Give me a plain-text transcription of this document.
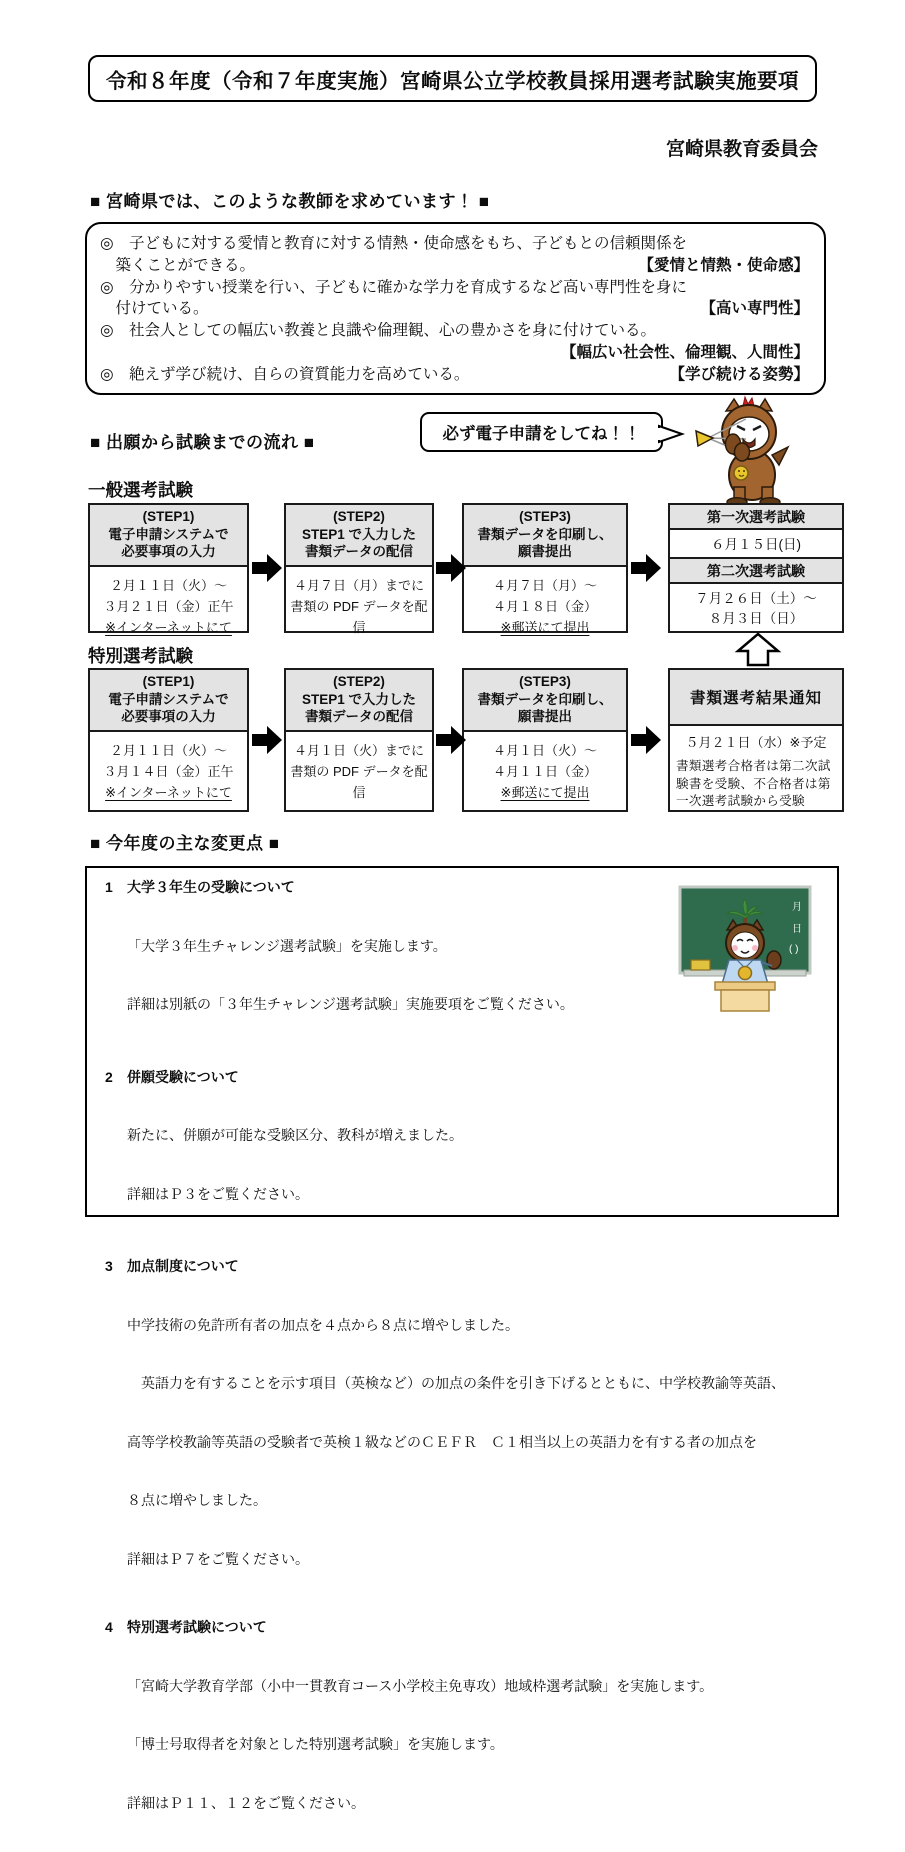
令和８年度（令和７年度実施）宮崎県公立学校教員採用選考試験実施要項
宮崎県教育委員会
■ 宮崎県では、このような教師を求めています！ ■
◎　子どもに対する愛情と教育に対する情熱・使命感をもち、子どもとの信頼関係を
　築くことができる。	【愛情と情熱・使命感】
◎　分かりやすい授業を行い、子どもに確かな学力を育成するなど高い専門性を身に
　付けている。	【高い専門性】
◎　社会人としての幅広い教養と良識や倫理観、心の豊かさを身に付けている。
【幅広い社会性、倫理観、人間性】
◎　絶えず学び続け、自らの資質能力を高めている。	【学び続ける姿勢】
■ 出願から試験までの流れ ■	必ず電子申請をしてね！！
一般選考試験
(STEP1)
電子申請システムで
必要事項の入力
２月１１日（火）～
３月２１日（金）正午
※インターネットにて
(STEP2)
STEP1 で入力した
書類データの配信
４月７日（月）までに
書類の PDF データを配信
(STEP3)
書類データを印刷し、
願書提出
４月７日（月）～
４月１８日（金）
※郵送にて提出
第一次選考試験
６月１５日(日)
第二次選考試験
７月２６日（土）～
８月３日（日）
特別選考試験
(STEP1)
電子申請システムで
必要事項の入力
２月１１日（火）～
３月１４日（金）正午
※インターネットにて
(STEP2)
STEP1 で入力した
書類データの配信
４月１日（火）までに
書類の PDF データを配信
(STEP3)
書類データを印刷し、
願書提出
４月１日（火）～
４月１１日（金）
※郵送にて提出
書類選考結果通知
５月２１日（水）※予定
書類選考合格者は第二次試験書を受験、不合格者は第一次選考試験から受験
■ 今年度の主な変更点 ■
1	大学３年生の受験について

「大学３年生チャレンジ選考試験」を実施します。

詳細は別紙の「３年生チャレンジ選考試験」実施要項をご覧ください。

2	併願受験について

新たに、併願が可能な受験区分、教科が増えました。

詳細はＰ３をご覧ください。

3	加点制度について

中学技術の免許所有者の加点を４点から８点に増やしました。

　英語力を有することを示す項目（英検など）の加点の条件を引き下げるとともに、中学校教諭等英語、

高等学校教諭等英語の受験者で英検１級などのＣＥＦＲ　Ｃ１相当以上の英語力を有する者の加点を

８点に増やしました。

詳細はＰ７をご覧ください。

4	特別選考試験について

「宮崎大学教育学部（小中一貫教育コース小学校主免専攻）地域枠選考試験」を実施します。

「博士号取得者を対象とした特別選考試験」を実施します。

詳細はＰ１１、１２をご覧ください。

月
日
( )
